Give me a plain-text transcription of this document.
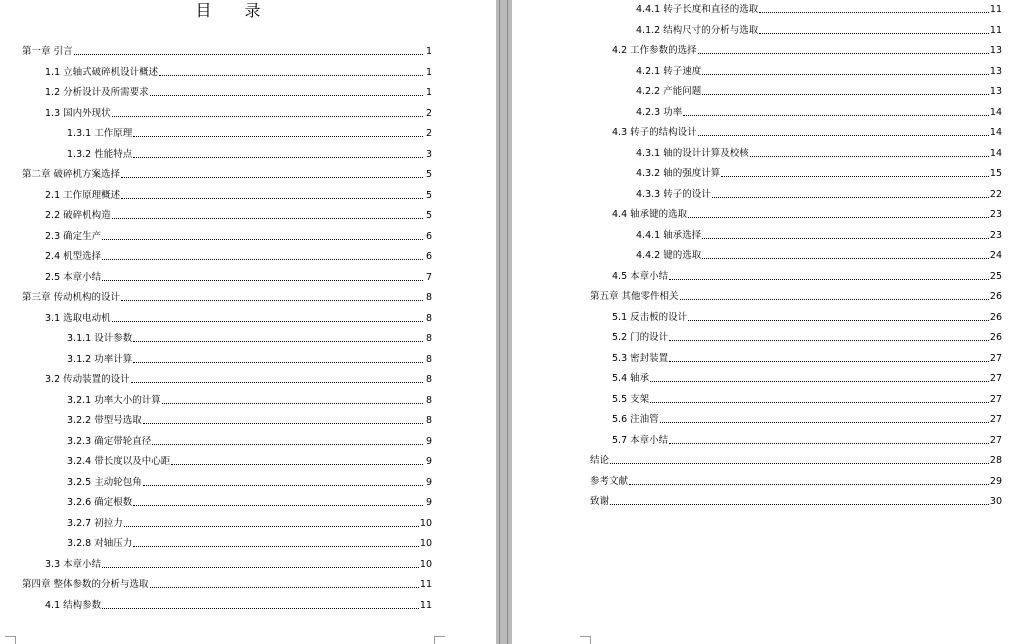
目 录
第一章 引言	1
1.1 立轴式破碎机设计概述	1
1.2 分析设计及所需要求	1
1.3 国内外现状	2
1.3.1 工作原理	2
1.3.2 性能特点	3
第二章 破碎机方案选择	5
2.1 工作原理概述	5
2.2 破碎机构造	5
2.3 确定生产	6
2.4 机型选择	6
2.5 本章小结	7
第三章 传动机构的设计	8
3.1 选取电动机	8
3.1.1 设计参数	8
3.1.2 功率计算	8
3.2 传动装置的设计	8
3.2.1 功率大小的计算	8
3.2.2 带型号选取	8
3.2.3 确定带轮直径	9
3.2.4 带长度以及中心距	9
3.2.5 主动轮包角	9
3.2.6 确定根数	9
3.2.7 初拉力	10
3.2.8 对轴压力	10
3.3 本章小结	10
第四章 整体参数的分析与选取	11
4.1 结构参数	11
4.4.1 转子长度和直径的选取	11
4.1.2 结构尺寸的分析与选取	11
4.2 工作参数的选择	13
4.2.1 转子速度	13
4.2.2 产能问题	13
4.2.3 功率	14
4.3 转子的结构设计	14
4.3.1 轴的设计计算及校核	14
4.3.2 轴的强度计算	15
4.3.3 转子的设计	22
4.4 轴承键的选取	23
4.4.1 轴承选择	23
4.4.2 键的选取	24
4.5 本章小结	25
第五章 其他零件相关	26
5.1 反击板的设计	26
5.2 门的设计	26
5.3 密封装置	27
5.4 轴承	27
5.5 支架	27
5.6 注油管	27
5.7 本章小结	27
结论	28
参考文献	29
致谢	30
